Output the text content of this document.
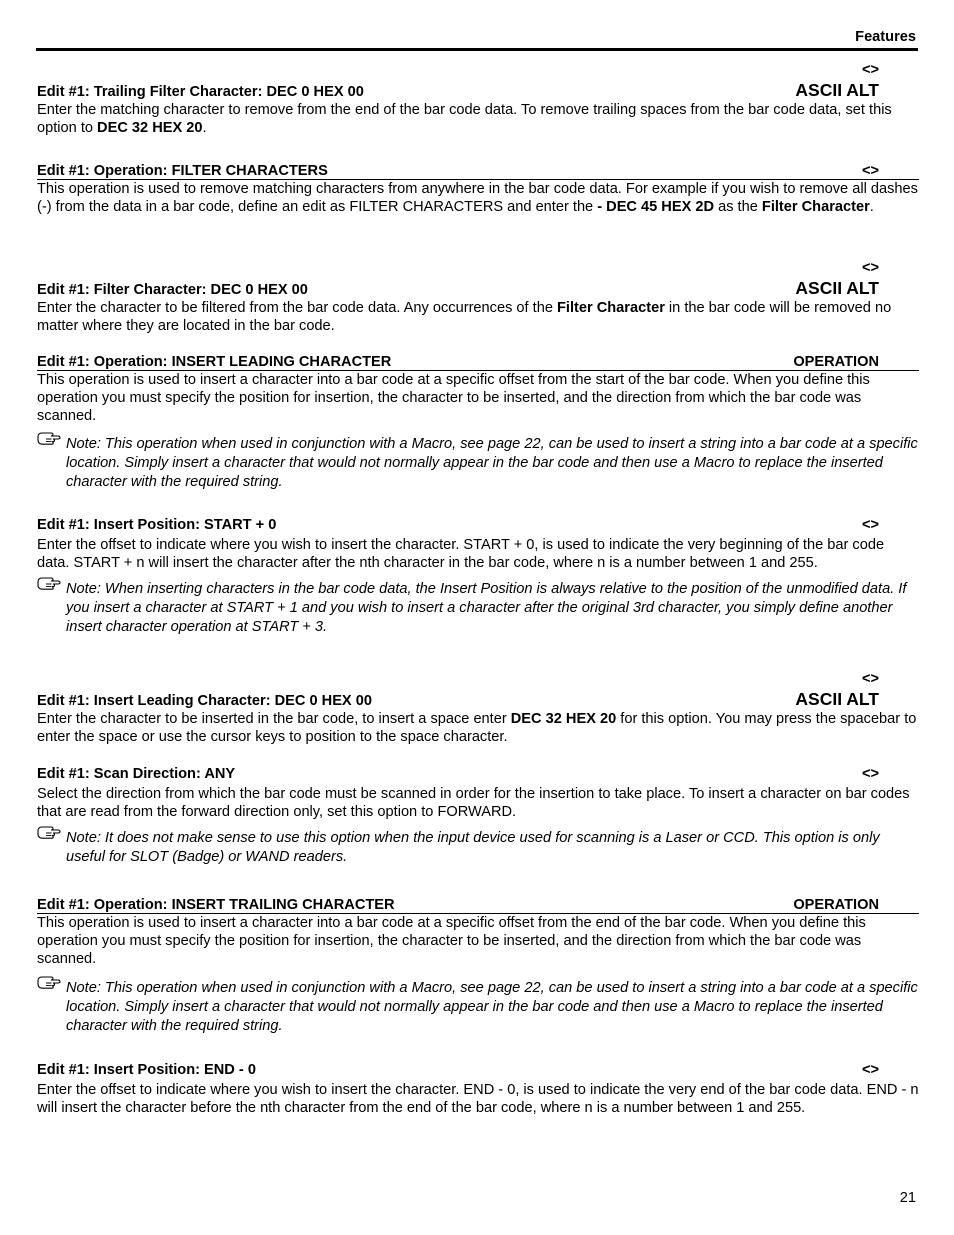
Features
<>
Edit #1: Trailing Filter Character: DEC 0 HEX 00	ASCII ALT

Enter the matching character to remove from the end of the bar code data. To remove trailing spaces from the bar code data, set this option to DEC 32 HEX 20.

Edit #1: Operation: FILTER CHARACTERS	<>

This operation is used to remove matching characters from anywhere in the bar code data. For example if you wish to remove all dashes (-) from the data in a bar code, define an edit as FILTER CHARACTERS and enter the - DEC 45 HEX 2D as the Filter Character.

<>
Edit #1: Filter Character: DEC 0 HEX 00	ASCII ALT

Enter the character to be filtered from the bar code data. Any occurrences of the Filter Character in the bar code will be removed no matter where they are located in the bar code.

Edit #1: Operation: INSERT LEADING CHARACTER	OPERATION

This operation is used to insert a character into a bar code at a specific offset from the start of the bar code. When you define this operation you must specify the position for insertion, the character to be inserted, and the direction from which the bar code was scanned.

Note: This operation when used in conjunction with a Macro, see page 22, can be used to insert a string into a bar code at a specific location. Simply insert a character that would not normally appear in the bar code and then use a Macro to replace the inserted character with the required string.
Edit #1: Insert Position: START + 0	<>

Enter the offset to indicate where you wish to insert the character. START + 0, is used to indicate the very beginning of the bar code data. START + n will insert the character after the nth character in the bar code, where n is a number between 1 and 255.

Note: When inserting characters in the bar code data, the Insert Position is always relative to the position of the unmodified data. If you insert a character at START + 1 and you wish to insert a character after the original 3rd character, you simply define another insert character operation at START + 3.
<>
Edit #1: Insert Leading Character: DEC 0 HEX 00	ASCII ALT

Enter the character to be inserted in the bar code, to insert a space enter DEC 32 HEX 20 for this option. You may press the spacebar to enter the space or use the cursor keys to position to the space character.

Edit #1: Scan Direction: ANY	<>

Select the direction from which the bar code must be scanned in order for the insertion to take place. To insert a character on bar codes that are read from the forward direction only, set this option to FORWARD.

Note: It does not make sense to use this option when the input device used for scanning is a Laser or CCD. This option is only useful for SLOT (Badge) or WAND readers.
Edit #1: Operation: INSERT TRAILING CHARACTER	OPERATION

This operation is used to insert a character into a bar code at a specific offset from the end of the bar code. When you define this operation you must specify the position for insertion, the character to be inserted, and the direction from which the bar code was scanned.

Note: This operation when used in conjunction with a Macro, see page 22, can be used to insert a string into a bar code at a specific location. Simply insert a character that would not normally appear in the bar code and then use a Macro to replace the inserted character with the required string.
Edit #1: Insert Position: END - 0	<>

Enter the offset to indicate where you wish to insert the character. END - 0, is used to indicate the very end of the bar code data. END - n will insert the character before the nth character from the end of the bar code, where n is a number between 1 and 255.

21
